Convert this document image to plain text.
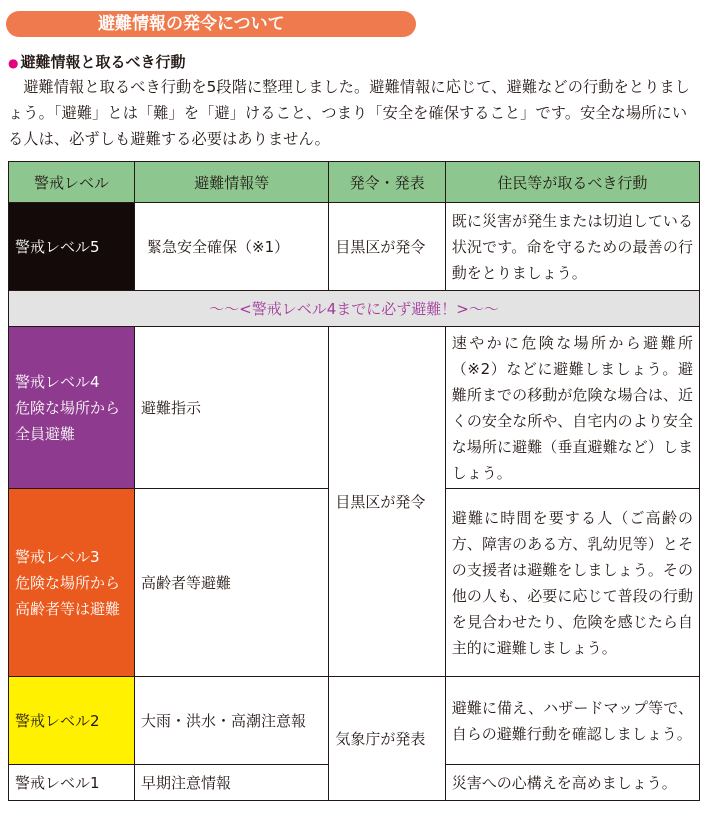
避難情報の発令について
● 避難情報と取るべき行動
避難情報と取るべき行動を5段階に整理しました。避難情報に応じて、避難などの行動をとりましょう。「避難」とは「難」を「避」けること、つまり「安全を確保すること」です。安全な場所にいる人は、必ずしも避難する必要はありません。
警戒レベル	避難情報等	発令・発表	住民等が取るべき行動
警戒レベル5	緊急安全確保（※1）	目黒区が発令	既に災害が発生または切迫している状況です。命を守るための最善の行動をとりましょう。
～～<警戒レベル4までに必ず避難！>～～			

警戒レベル4
危険な場所から
全員避難	避難指示	目黒区が発令	速やかに危険な場所から避難所（※2）などに避難しましょう。避難所までの移動が危険な場合は、近くの安全な所や、自宅内のより安全な場所に避難（垂直避難など）しましょう。

警戒レベル3
危険な場所から
高齢者等は避難	高齢者等避難		避難に時間を要する人（ご高齢の方、障害のある方、乳幼児等）とその支援者は避難をしましょう。その他の人も、必要に応じて普段の行動を見合わせたり、危険を感じたら自主的に避難しましょう。
警戒レベル2	大雨・洪水・高潮注意報	気象庁が発表	避難に備え、ハザードマップ等で、自らの避難行動を確認しましょう。
警戒レベル1	早期注意情報		災害への心構えを高めましょう。
